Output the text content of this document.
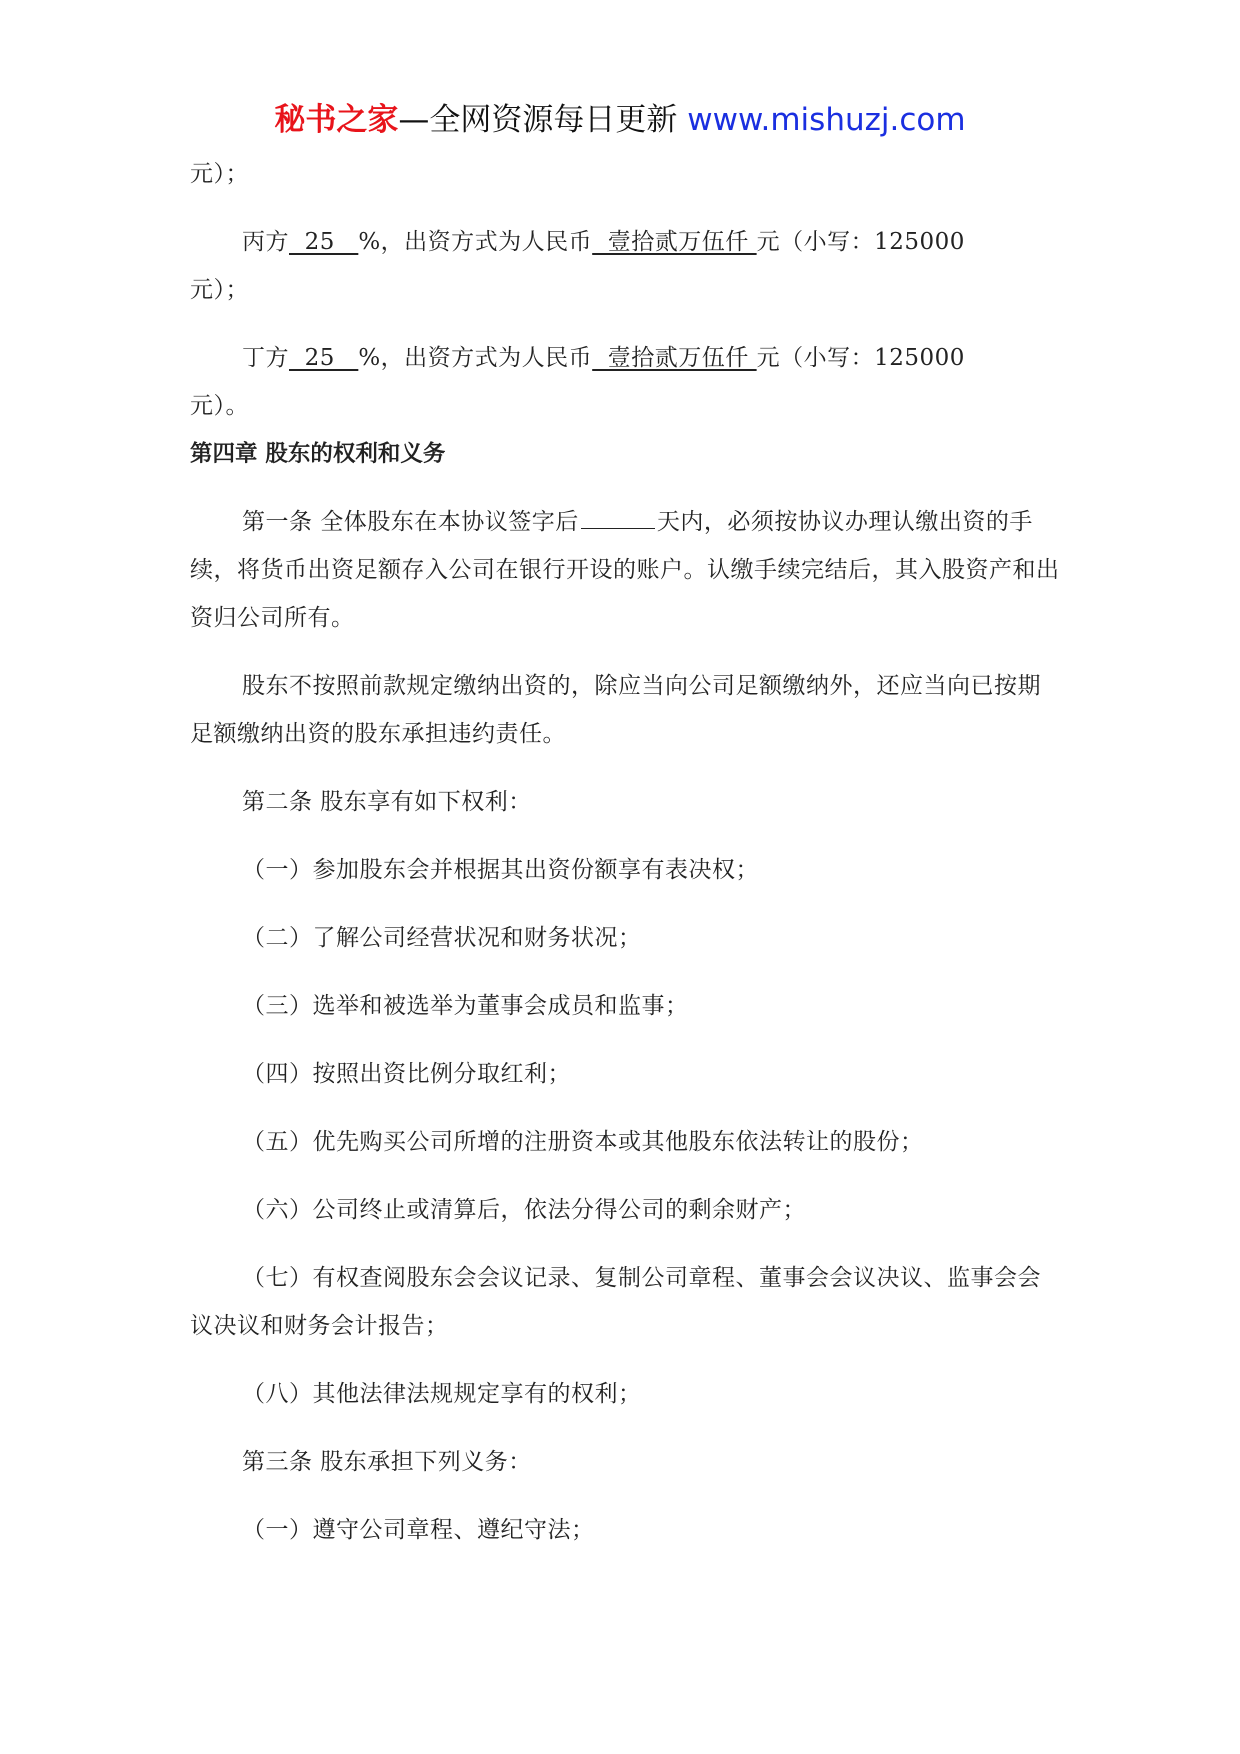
秘书之家—全网资源每日更新 www.mishuzj.com

元）；

丙方  25   %，出资方式为人民币  壹拾贰万伍仟 元（小写：125000
元）；

丁方  25   %，出资方式为人民币  壹拾贰万伍仟 元（小写：125000
元）。

第四章 股东的权利和义务

第一条 全体股东在本协议签字后	天内，必须按协议办理认缴出资的手续，将货币出资足额存入公司在银行开设的账户。认缴手续完结后，其入股资产和出资归公司所有。

股东不按照前款规定缴纳出资的，除应当向公司足额缴纳外，还应当向已按期足额缴纳出资的股东承担违约责任。

第二条 股东享有如下权利：

（一）参加股东会并根据其出资份额享有表决权；

（二）了解公司经营状况和财务状况；

（三）选举和被选举为董事会成员和监事；

（四）按照出资比例分取红利；

（五）优先购买公司所增的注册资本或其他股东依法转让的股份；

（六）公司终止或清算后，依法分得公司的剩余财产；

（七）有权查阅股东会会议记录、复制公司章程、董事会会议决议、监事会会议决议和财务会计报告；

（八）其他法律法规规定享有的权利；

第三条 股东承担下列义务：

（一）遵守公司章程、遵纪守法；
